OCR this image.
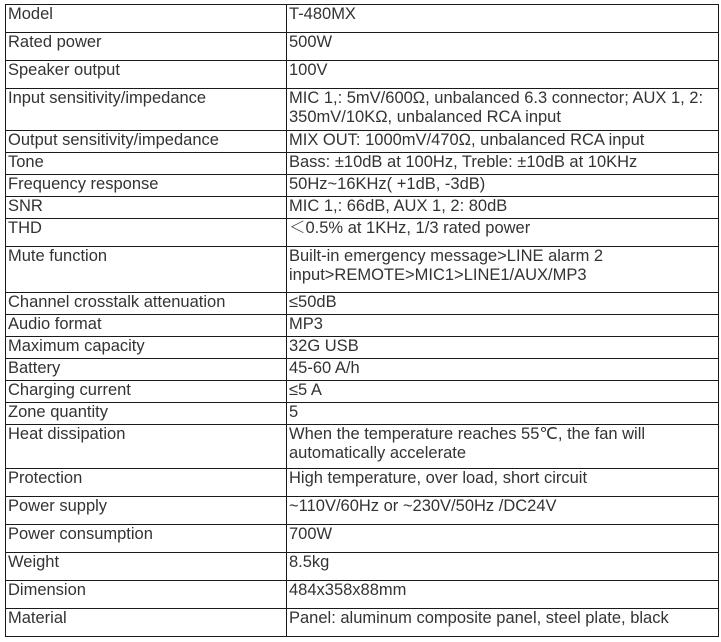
Model	T-480MX
Rated power	500W
Speaker output	100V
Input sensitivity/impedance	MIC 1,: 5mV/600Ω, unbalanced 6.3 connector; AUX 1, 2: 350mV/10KΩ, unbalanced RCA input
Output sensitivity/impedance	MIX OUT: 1000mV/470Ω, unbalanced RCA input
Tone	Bass: ±10dB at 100Hz, Treble: ±10dB at 10KHz
Frequency response	50Hz~16KHz( +1dB, -3dB)
SNR	MIC 1,: 66dB, AUX 1, 2: 80dB
THD	＜0.5% at 1KHz, 1/3 rated power
Mute function	Built-in emergency message>LINE alarm 2 input>REMOTE>MIC1>LINE1/AUX/MP3
Channel crosstalk attenuation	≤50dB
Audio format	MP3
Maximum capacity	32G USB
Battery	45-60 A/h
Charging current	≤5 A
Zone quantity	5
Heat dissipation	When the temperature reaches 55℃, the fan will automatically accelerate
Protection	High temperature, over load, short circuit
Power supply	~110V/60Hz or ~230V/50Hz /DC24V
Power consumption	700W
Weight	8.5kg
Dimension	484x358x88mm
Material	Panel: aluminum composite panel, steel plate, black
